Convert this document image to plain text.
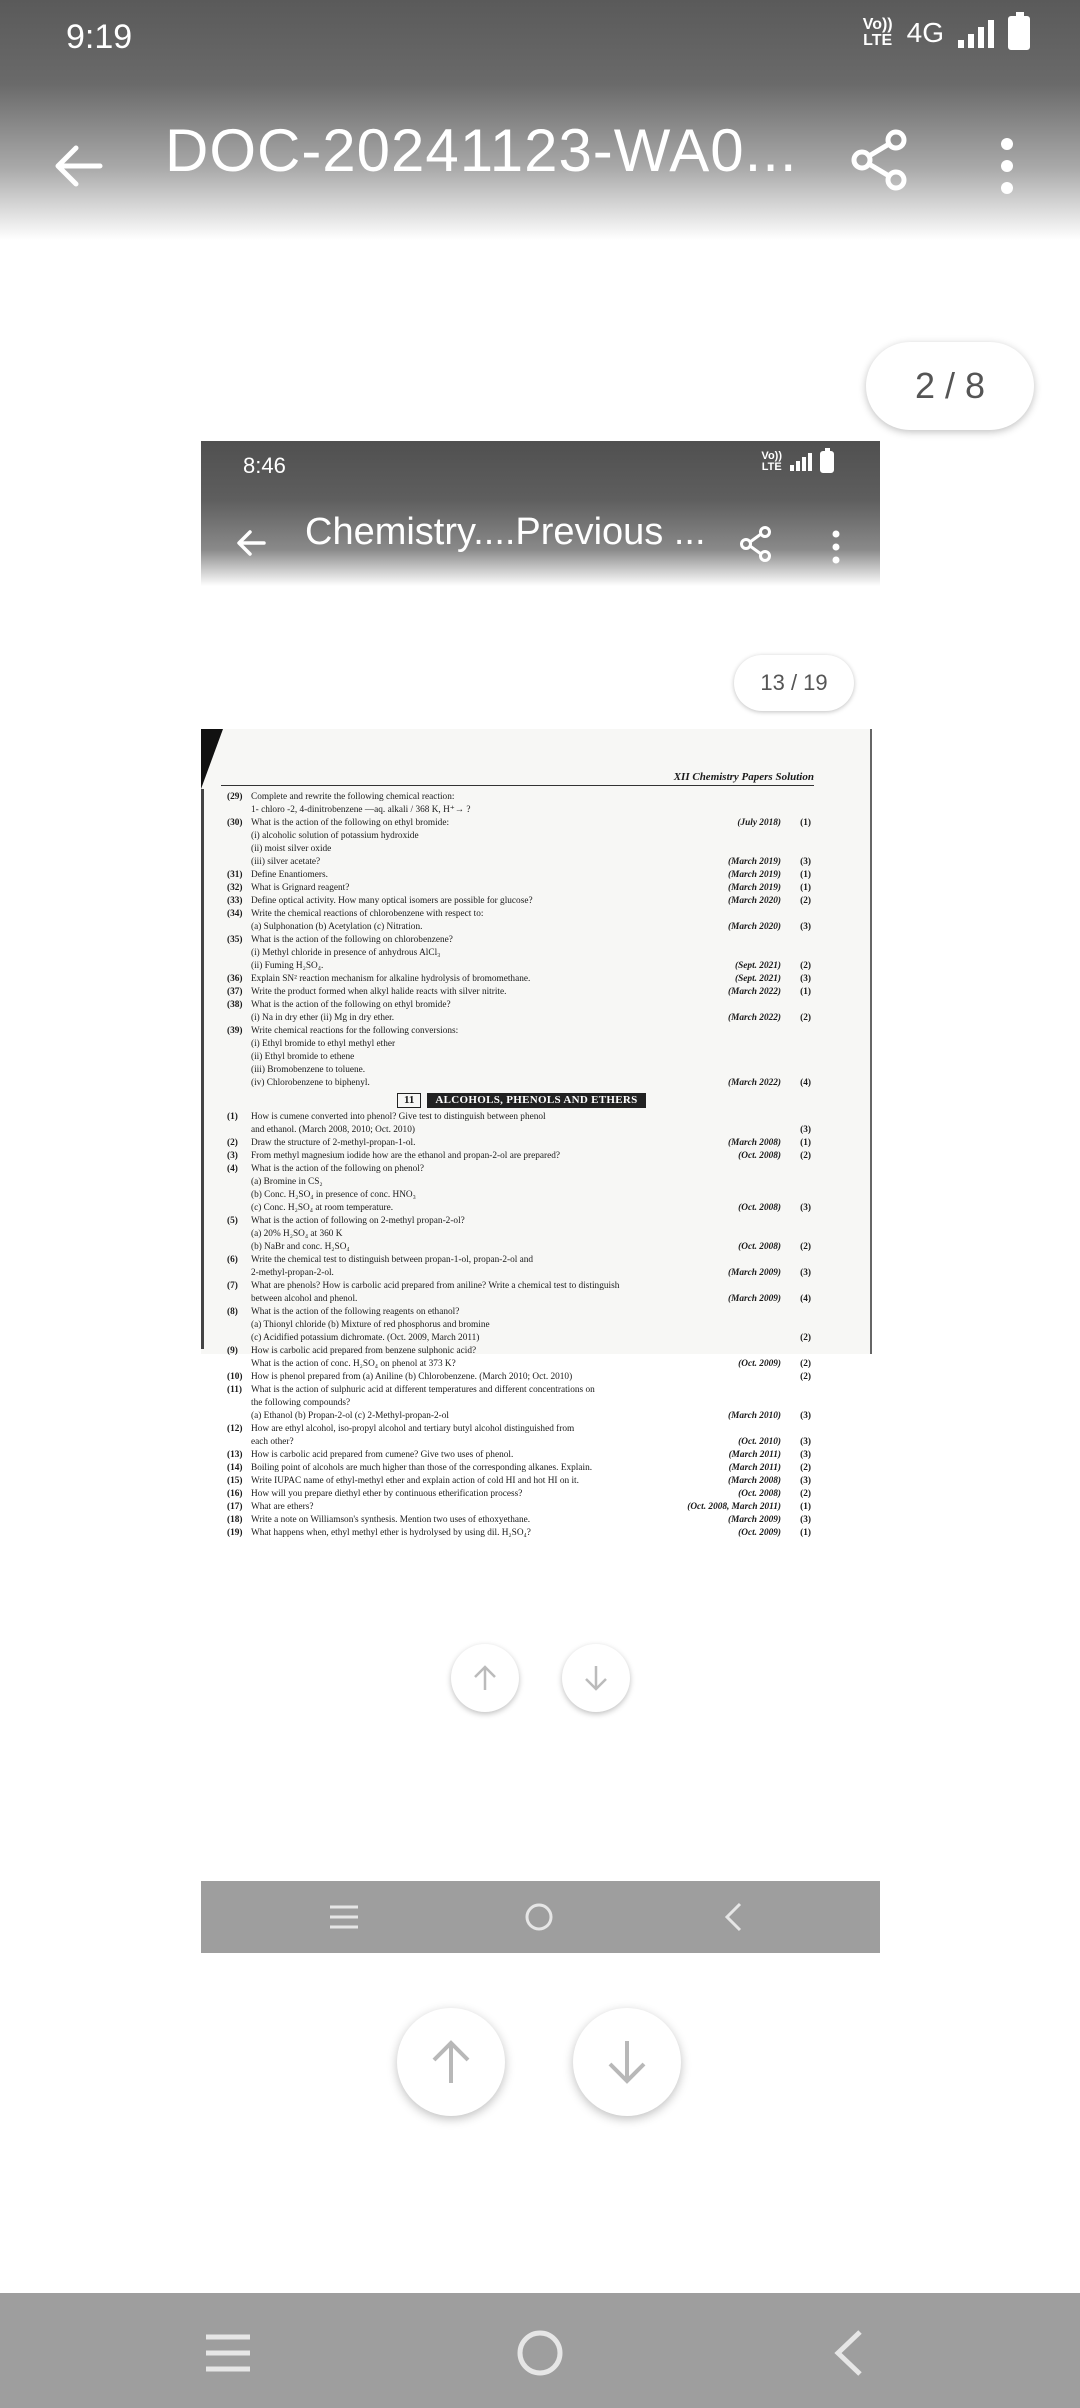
9:19	Vo))
LTE 4G
DOC-20241123-WA0...
2 / 8
8:46	Vo))
LTE
Chemistry....Previous ...
13 / 19
XII Chemistry Papers Solution
(29) Complete and rewrite the following chemical reaction:
1- chloro -2, 4-dinitrobenzene —aq. alkali / 368 K, H⁺→ ?
(30) What is the action of the following on ethyl bromide:	(July 2018)	(1)
(i) alcoholic solution of potassium hydroxide
(ii) moist silver oxide
(iii) silver acetate?	(March 2019)	(3)
(31) Define Enantiomers.	(March 2019)	(1)
(32) What is Grignard reagent?	(March 2019)	(1)
(33) Define optical activity. How many optical isomers are possible for glucose?	(March 2020)	(2)
(34) Write the chemical reactions of chlorobenzene with respect to:
(a) Sulphonation (b) Acetylation (c) Nitration.	(March 2020)	(3)
(35) What is the action of the following on chlorobenzene?
(i) Methyl chloride in presence of anhydrous AlCl₃
(ii) Fuming H₂SO₄.	(Sept. 2021)	(2)
(36) Explain SN² reaction mechanism for alkaline hydrolysis of bromomethane.	(Sept. 2021)	(3)
(37) Write the product formed when alkyl halide reacts with silver nitrite.	(March 2022)	(1)
(38) What is the action of the following on ethyl bromide?
(i) Na in dry ether (ii) Mg in dry ether.	(March 2022)	(2)
(39) Write chemical reactions for the following conversions:
(i) Ethyl bromide to ethyl methyl ether
(ii) Ethyl bromide to ethene
(iii) Bromobenzene to toluene.
(iv) Chlorobenzene to biphenyl.	(March 2022)	(4)
11	ALCOHOLS, PHENOLS AND ETHERS
(1)	How is cumene converted into phenol? Give test to distinguish between phenol
and ethanol. (March 2008, 2010; Oct. 2010)	(3)
(2)	Draw the structure of 2-methyl-propan-1-ol.	(March 2008)	(1)
(3)	From methyl magnesium iodide how are the ethanol and propan-2-ol are prepared?	(Oct. 2008)	(2)
(4)	What is the action of the following on phenol?
(a) Bromine in CS₂
(b) Conc. H₂SO₄ in presence of conc. HNO₃
(c) Conc. H₂SO₄ at room temperature.	(Oct. 2008)	(3)
(5)	What is the action of following on 2-methyl propan-2-ol?
(a) 20% H₂SO₄ at 360 K
(b) NaBr and conc. H₂SO₄	(Oct. 2008)	(2)
(6)	Write the chemical test to distinguish between propan-1-ol, propan-2-ol and
2-methyl-propan-2-ol.	(March 2009)	(3)
(7)	What are phenols? How is carbolic acid prepared from aniline? Write a chemical test to distinguish
between alcohol and phenol.	(March 2009)	(4)
(8)	What is the action of the following reagents on ethanol?
(a) Thionyl chloride (b) Mixture of red phosphorus and bromine
(c) Acidified potassium dichromate. (Oct. 2009, March 2011)	(2)
(9)	How is carbolic acid prepared from benzene sulphonic acid?
What is the action of conc. H₂SO₄ on phenol at 373 K?	(Oct. 2009)	(2)
(10) How is phenol prepared from (a) Aniline (b) Chlorobenzene. (March 2010; Oct. 2010)	(2)
(11) What is the action of sulphuric acid at different temperatures and different concentrations on
the following compounds?
(a) Ethanol (b) Propan-2-ol (c) 2-Methyl-propan-2-ol	(March 2010)	(3)
(12) How are ethyl alcohol, iso-propyl alcohol and tertiary butyl alcohol distinguished from
each other?	(Oct. 2010)	(3)
(13) How is carbolic acid prepared from cumene? Give two uses of phenol.	(March 2011)	(3)
(14) Boiling point of alcohols are much higher than those of the corresponding alkanes. Explain.	(March 2011)	(2)
(15) Write IUPAC name of ethyl-methyl ether and explain action of cold HI and hot HI on it.	(March 2008)	(3)
(16) How will you prepare diethyl ether by continuous etherification process?	(Oct. 2008)	(2)
(17) What are ethers?	(Oct. 2008, March 2011)	(1)
(18) Write a note on Williamson's synthesis. Mention two uses of ethoxyethane.	(March 2009)	(3)
(19) What happens when, ethyl methyl ether is hydrolysed by using dil. H₂SO₄?	(Oct. 2009)	(1)
